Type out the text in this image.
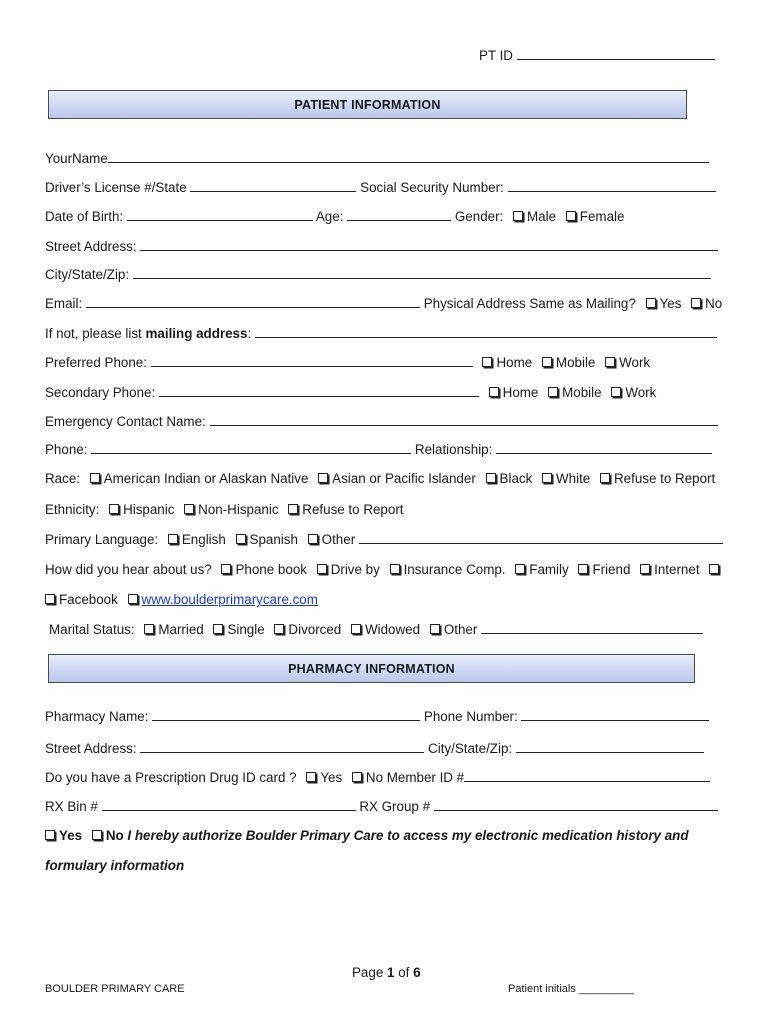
PT ID
PATIENT INFORMATION
YourName
Driver’s License #/State	Social Security Number:
Date of Birth:	Age:	Gender: Male Female
Street Address:
City/State/Zip:
Email:	Physical Address Same as Mailing? Yes No
If not, please list mailing address:
Preferred Phone:	Home Mobile Work
Secondary Phone:	Home Mobile Work
Emergency Contact Name:
Phone:	Relationship:
Race: American Indian or Alaskan Native Asian or Pacific Islander Black White Refuse to Report
Ethnicity: Hispanic Non-Hispanic Refuse to Report
Primary Language: English Spanish Other
How did you hear about us? Phone book Drive by Insurance Comp. Family Friend Internet
Facebook www.boulderprimarycare.com
Marital Status: Married Single Divorced Widowed Other
PHARMACY INFORMATION
Pharmacy Name:	Phone Number:
Street Address:	City/State/Zip:
Do you have a Prescription Drug ID card ? Yes No Member ID #
RX Bin #	RX Group #
Yes No I hereby authorize Boulder Primary Care to access my electronic medication history and
formulary information
Page 1 of 6
BOULDER PRIMARY CARE	Patient initials _________
